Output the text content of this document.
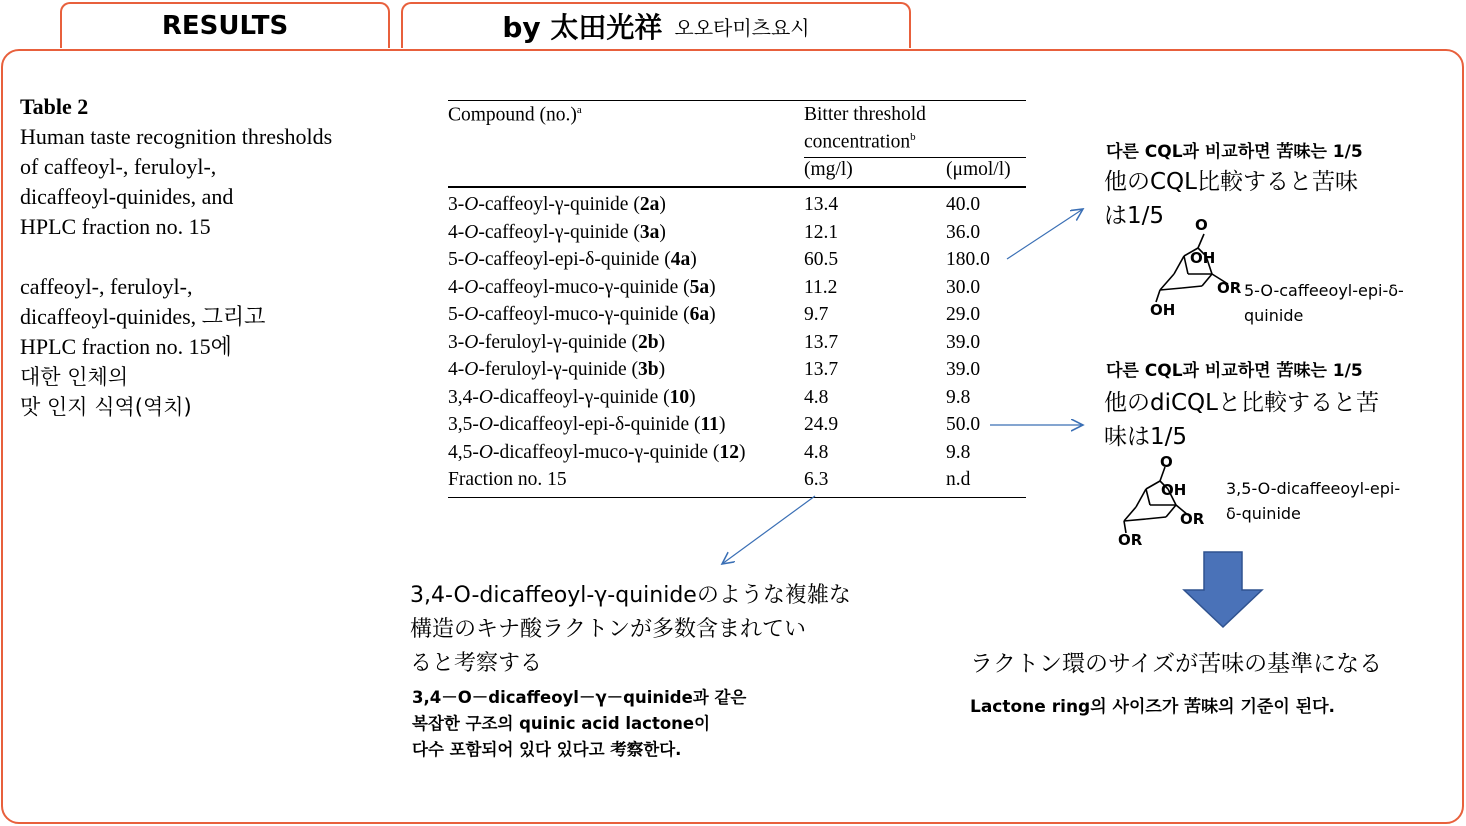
RESULTS	by 太田光祥 오오타미츠요시
Table 2
Human taste recognition thresholds
of caffeoyl-, feruloyl-,
dicaffeoyl-quinides, and
HPLC fraction no. 15
caffeoyl-, feruloyl-,
dicaffeoyl-quinides, 그리고
HPLC fraction no. 15에
대한 인체의
맛 인지 식역(역치)
Compound $(no.)^a$	Bitter threshold
concentration$^b$
(mg/l)	(μmol/l)
3-O-caffeoyl-γ-quinide (2a)	13.4	40.0
4-O-caffeoyl-γ-quinide (3a)	12.1	36.0
5-O-caffeoyl-epi-δ-quinide (4a)	60.5	180.0
4-O-caffeoyl-muco-γ-quinide (5a)	11.2	30.0
5-O-caffeoyl-muco-γ-quinide (6a)	9.7	29.0
3-O-feruloyl-γ-quinide (2b)	13.7	39.0
4-O-feruloyl-γ-quinide (3b)	13.7	39.0
3,4-O-dicaffeoyl-γ-quinide (10)	4.8	9.8
3,5-O-dicaffeoyl-epi-δ-quinide (11)	24.9	50.0
4,5-O-dicaffeoyl-muco-γ-quinide (12)	4.8	9.8
Fraction no. 15	6.3	n.d
다른 CQL과 비교하면 苦味는 1/5
他のCQL比較すると苦味
は1/5	O
OH
OR
OH
5-O-caffeeoyl-epi-δ-
quinide
다른 CQL과 비교하면 苦味는 1/5
他のdiCQLと比較すると苦
味は1/5
O
OH
OR
OR
3,5-O-dicaffeeoyl-epi-
δ-quinide
3,4-O-dicaffeoyl-γ-quinideのような複雑な
構造のキナ酸ラクトンが多数含まれてい
ると考察する
3,4－O－dicaffeoyl－γ－quinide과 같은
복잡한 구조의 quinic acid lactone이
다수 포함되어 있다 있다고 考察한다.
ラクトン環のサイズが苦味の基準になる
Lactone ring의 사이즈가 苦味의 기준이 된다.
